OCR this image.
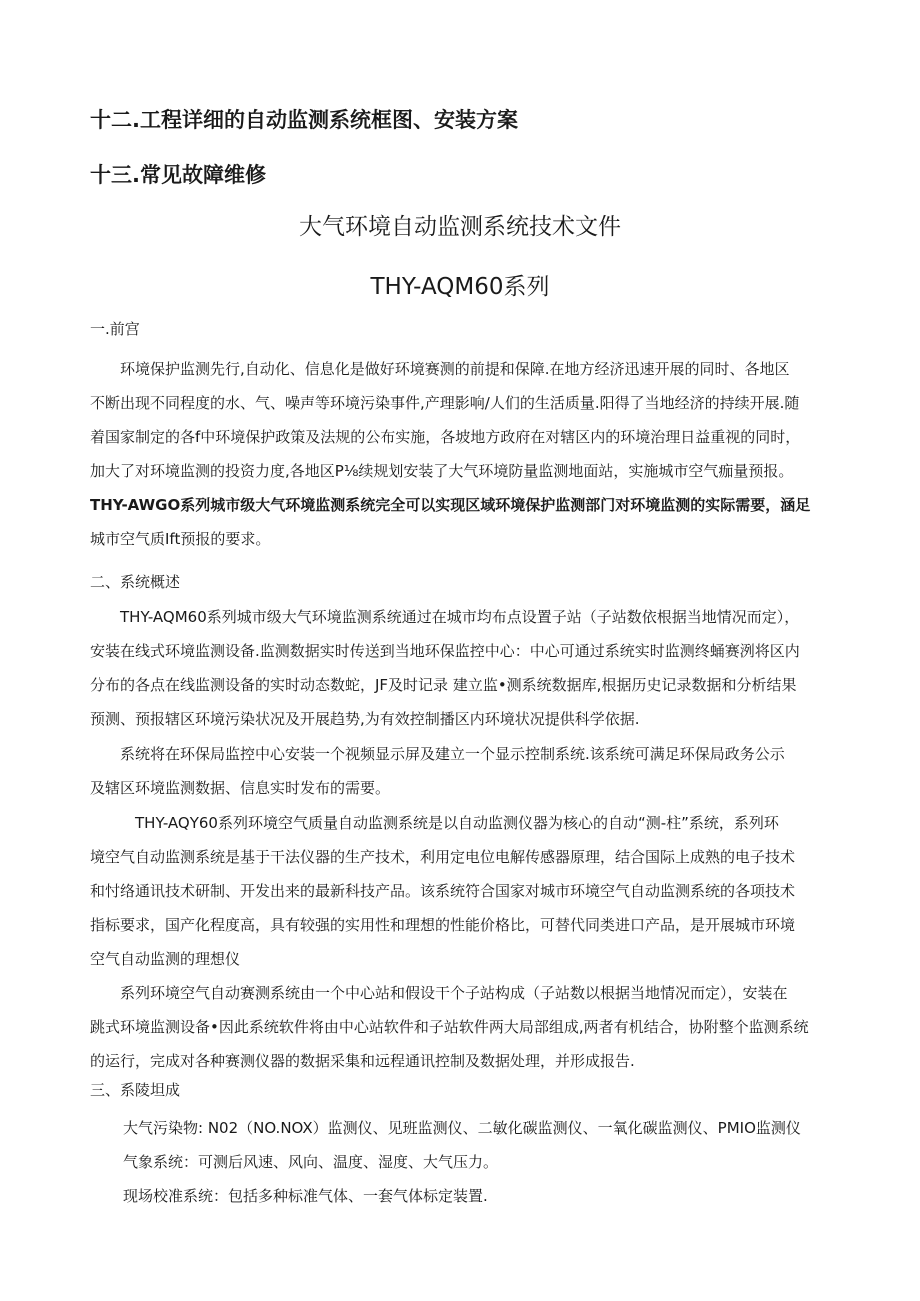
十二.工程详细的自动监测系统框图、安装方案
十三.常见故障维修
大气环境自动监测系统技术文件
THY-AQM60系列
一.前宫
环境保护监测先行,自动化、信息化是做好环境赛测的前提和保障.在地方经济迅速开展的同时、各地区
不断出现不同程度的水、气、噪声等环境污染事件,产理影响/人们的生活质量.阳得了当地经济的持续开展.随
着国家制定的各f中环境保护政策及法规的公布实施，各坡地方政府在对辖区内的环境治理日益重视的同时，
加大了对环境监测的投资力度,各地区P⅛续规划安装了大气环境防量监测地面站，实施城市空气痂量预报。
THY-AWGO系列城市级大气环境监测系统完全可以实现区域环境保护监测部门对环境监测的实际需要，涵足
城市空气质Ift预报的要求。
二、系统概述
THY-AQM60系列城市级大气环境监测系统通过在城市均布点设置子站（子站数依根据当地情况而定），
安装在线式环境监测设备.监测数据实时传送到当地环保监控中心：中心可通过系统实时监测终蛹赛洌将区内
分布的各点在线监测设备的实时动态数蛇，JF及时记录 建立监•测系统数据库,根据历史记录数据和分析结果
预测、预报辖区环境污染状况及开展趋势,为有效控制播区内环境状况提供科学依据.
系统将在环保局监控中心安装一个视频显示屏及建立一个显示控制系统.该系统可满足环保局政务公示
及辖区环境监测数据、信息实时发布的需要。
THY-AQY60系列环境空气质量自动监测系统是以自动监测仪器为核心的自动“测-柱”系统，系列环
境空气自动监测系统是基于干法仪器的生产技术，利用定电位电解传感器原理，结合国际上成熟的电子技术
和忖络通讯技术研制、开发出来的最新科技产品。该系统符合国家对城市环境空气自动监测系统的各项技术
指标要求，国产化程度高，具有较强的实用性和理想的性能价格比，可替代同类进口产品，是开展城市环境
空气自动监测的理想仪
系列环境空气自动赛测系统由一个中心站和假设干个子站构成（子站数以根据当地情况而定），安装在
跳式环境监测设备•因此系统软件将由中心站软件和子站软件两大局部组成,两者有机结合，协附整个监测系统
的运行，完成对各种赛测仪器的数据采集和远程通讯控制及数据处理，并形成报告.
三、系陵坦成
大气污染物: N02（NO.NOX）监测仪、见班监测仪、二敏化碳监测仪、一氧化碳监测仪、PMIO监测仪
气象系统：可测后风速、风向、温度、湿度、大气压力。
现场校准系统：包括多种标准气体、一套气体标定装置.
